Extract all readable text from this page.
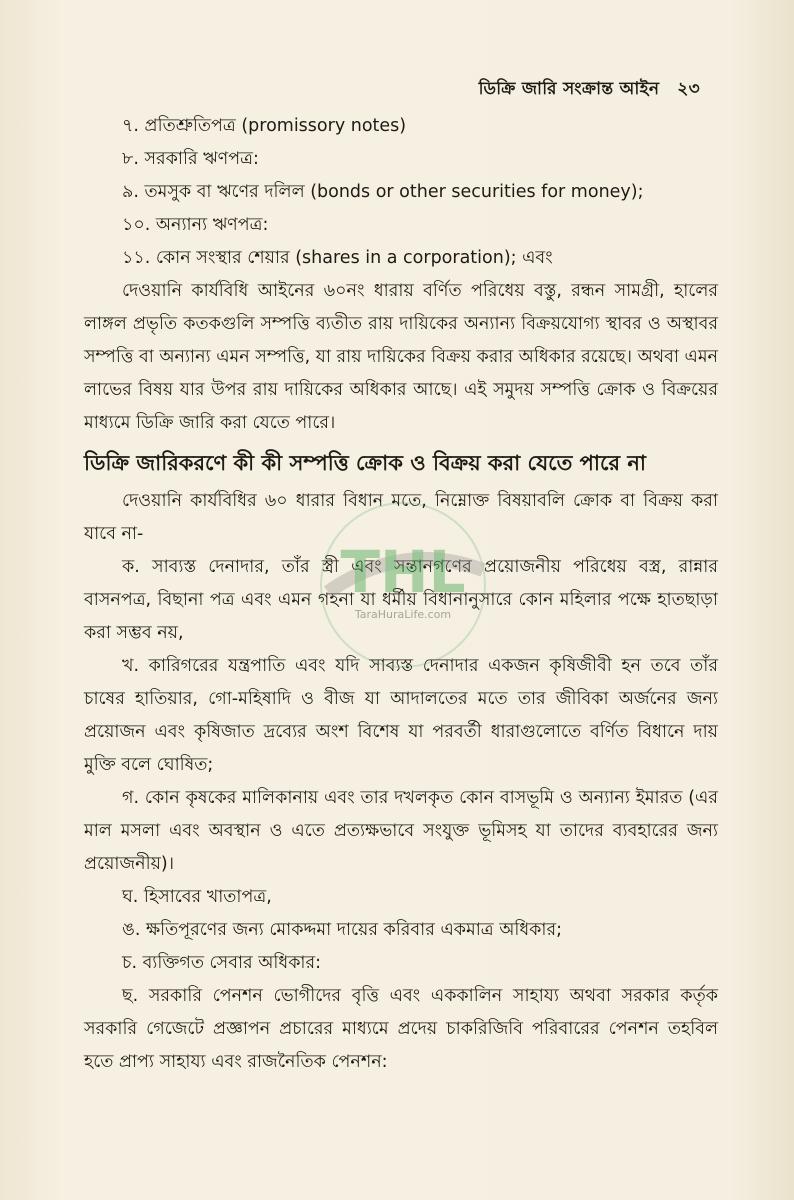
ডিক্রি জারি সংক্রান্ত আইন ২৩

৭. প্রতিশ্রুতিপত্র (promissory notes)

৮. সরকারি ঋণপত্র:

৯. তমসুক বা ঋণের দলিল (bonds or other securities for money);

১০. অন্যান্য ঋণপত্র:

১১. কোন সংস্থার শেয়ার (shares in a corporation); এবং

দেওয়ানি কার্যবিধি আইনের ৬০নং ধারায় বর্ণিত পরিধেয় বস্তু, রন্ধন সামগ্রী, হালের লাঙ্গল প্রভৃতি কতকগুলি সম্পত্তি ব্যতীত রায় দায়িকের অন্যান্য বিক্রয়যোগ্য স্থাবর ও অস্থাবর সম্পত্তি বা অন্যান্য এমন সম্পত্তি, যা রায় দায়িকের বিক্রয় করার অধিকার রয়েছে। অথবা এমন লাভের বিষয় যার উপর রায় দায়িকের অধিকার আছে। এই সমুদয় সম্পত্তি ক্রোক ও বিক্রয়ের মাধ্যমে ডিক্রি জারি করা যেতে পারে।

ডিক্রি জারিকরণে কী কী সম্পত্তি ক্রোক ও বিক্রয় করা যেতে পারে না

দেওয়ানি কার্যবিধির ৬০ ধারার বিধান মতে, নিম্নোক্ত বিষয়াবলি ক্রোক বা বিক্রয় করা যাবে না-

ক. সাব্যস্ত দেনাদার, তাঁর স্ত্রী এবং সন্তানগণের প্রয়োজনীয় পরিধেয় বস্ত্র, রান্নার বাসনপত্র, বিছানা পত্র এবং এমন গহনা যা ধর্মীয় বিধানানুসারে কোন মহিলার পক্ষে হাতছাড়া করা সম্ভব নয়,

খ. কারিগরের যন্ত্রপাতি এবং যদি সাব্যস্ত দেনাদার একজন কৃষিজীবী হন তবে তাঁর চাষের হাতিয়ার, গো-মহিষাদি ও বীজ যা আদালতের মতে তার জীবিকা অর্জনের জন্য প্রয়োজন এবং কৃষিজাত দ্রব্যের অংশ বিশেষ যা পরবর্তী ধারাগুলোতে বর্ণিত বিধানে দায় মুক্তি বলে ঘোষিত;

গ. কোন কৃষকের মালিকানায় এবং তার দখলকৃত কোন বাসভূমি ও অন্যান্য ইমারত (এর মাল মসলা এবং অবস্থান ও এতে প্রত্যক্ষভাবে সংযুক্ত ভূমিসহ যা তাদের ব্যবহারের জন্য প্রয়োজনীয়)।

ঘ. হিসাবের খাতাপত্র,

ঙ. ক্ষতিপূরণের জন্য মোকদ্দমা দায়ের করিবার একমাত্র অধিকার;

চ. ব্যক্তিগত সেবার অধিকার:

ছ. সরকারি পেনশন ভোগীদের বৃত্তি এবং এককালিন সাহায্য অথবা সরকার কর্তৃক সরকারি গেজেটে প্রজ্ঞাপন প্রচারের মাধ্যমে প্রদেয় চাকরিজিবি পরিবারের পেনশন তহবিল হতে প্রাপ্য সাহায্য এবং রাজনৈতিক পেনশন:

THL
TaraHuraLife.com
